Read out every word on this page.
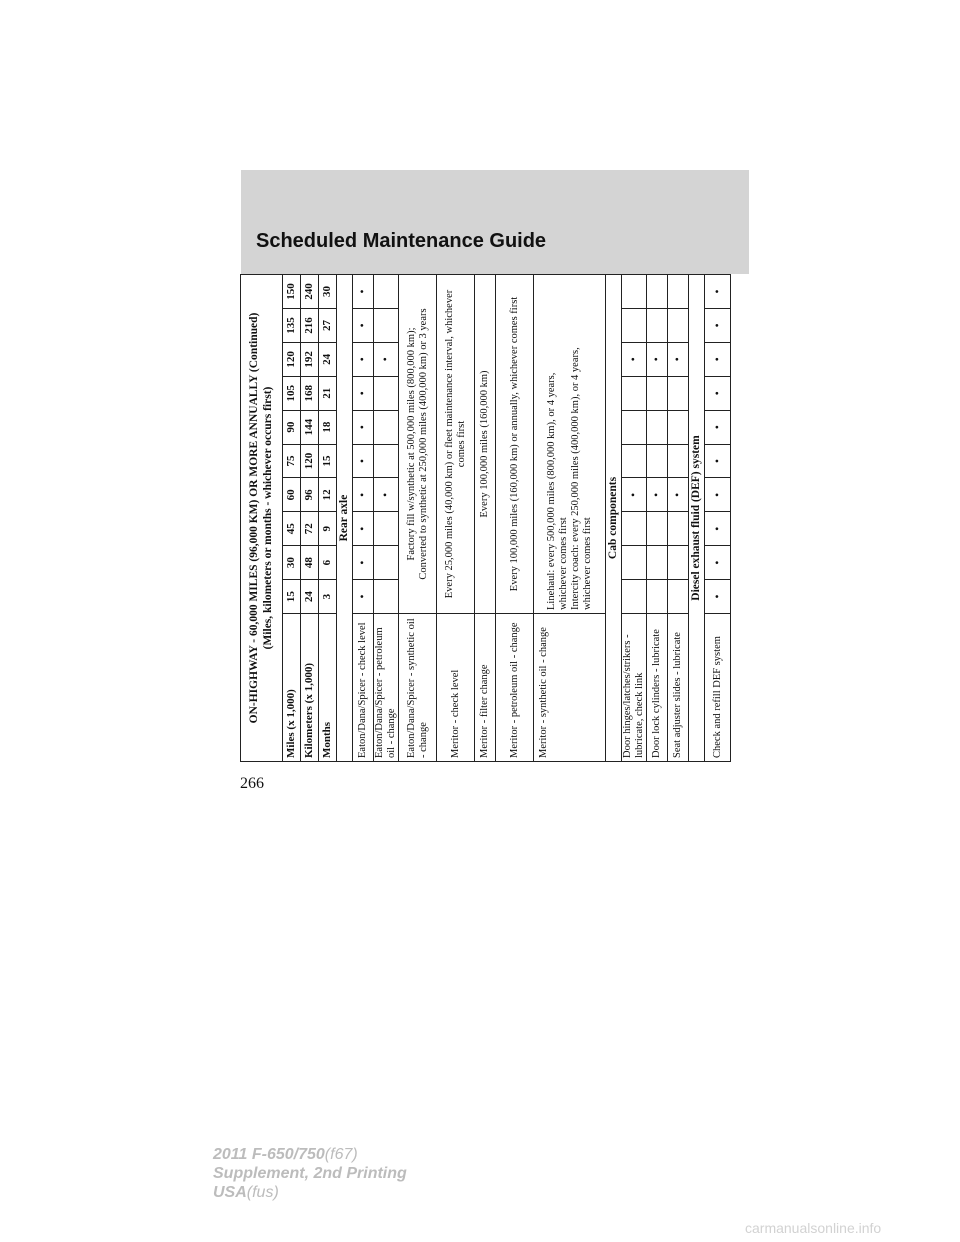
Scheduled Maintenance Guide
ON-HIGHWAY - 60,000 MILES (96,000 KM) OR MORE ANNUALLY (Continued)
(Miles, kilometers or months - whichever occurs first)										
Miles (x 1,000)	15	30	45	60	75	90	105	120	135	150
Kilometers (x 1,000)	24	48	72	96	120	144	168	192	216	240
Months	3	6	9	12	15	18	21	24	27	30
Rear axle										
Eaton/Dana/Spicer - check level	•	•	•	•	•	•	•	•	•	•
Eaton/Dana/Spicer - petroleum oil - change				•				•		
Eaton/Dana/Spicer - synthetic oil - change	Factory fill w/synthetic at 500,000 miles (800,000 km); Converted to synthetic at 250,000 miles (400,000 km) or 3 years									

Meritor - check level	Every 25,000 miles (40,000 km) or fleet maintenance interval, whichever comes first									
Meritor - filter change	Every 100,000 miles (160,000 km)									
Meritor - petroleum oil - change	Every 100,000 miles (160,000 km) or annually, whichever comes first									
Meritor - synthetic oil - change	Linehaul: every 500,000 miles (800,000 km), or 4 years, whichever comes first Intercity coach: every 250,000 miles (400,000 km), or 4 years, whichever comes first									

Cab components										
Door hinges/latches/strikers - lubricate, check link				•				•		
Door lock cylinders - lubricate				•				•		
Seat adjuster slides - lubricate				•				•		
Diesel exhaust fluid (DEF) system										
Check and refill DEF system	•	•	•	•	•	•	•	•	•	•
266
2011 F-650/750(f67)
Supplement, 2nd Printing
USA(fus)
carmanualsonline.info
